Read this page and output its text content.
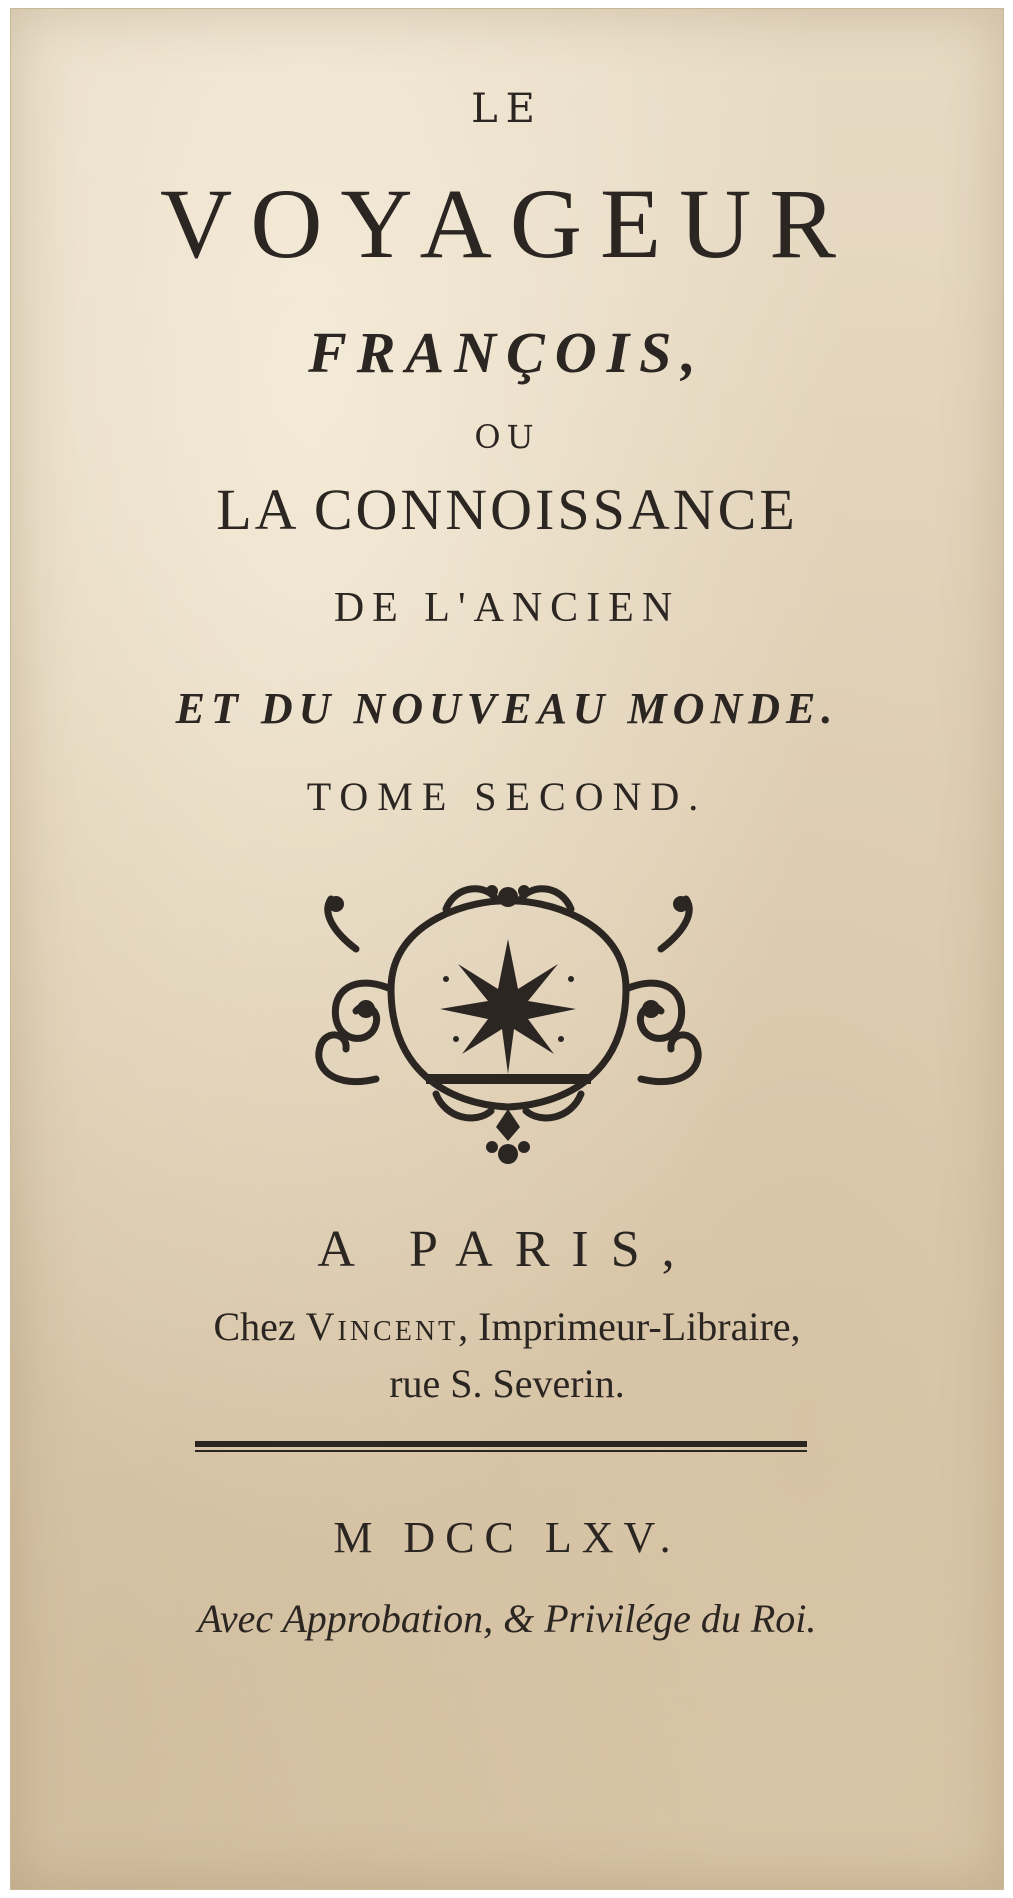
LE

VOYAGEUR

FRANÇOIS,

OU

LA CONNOISSANCE

DE L'ANCIEN

ET DU NOUVEAU MONDE.

TOME SECOND.

A PARIS,

Chez Vincent, Imprimeur-Libraire,

rue S. Severin.

M DCC LXV.

Avec Approbation, & Privilége du Roi.
